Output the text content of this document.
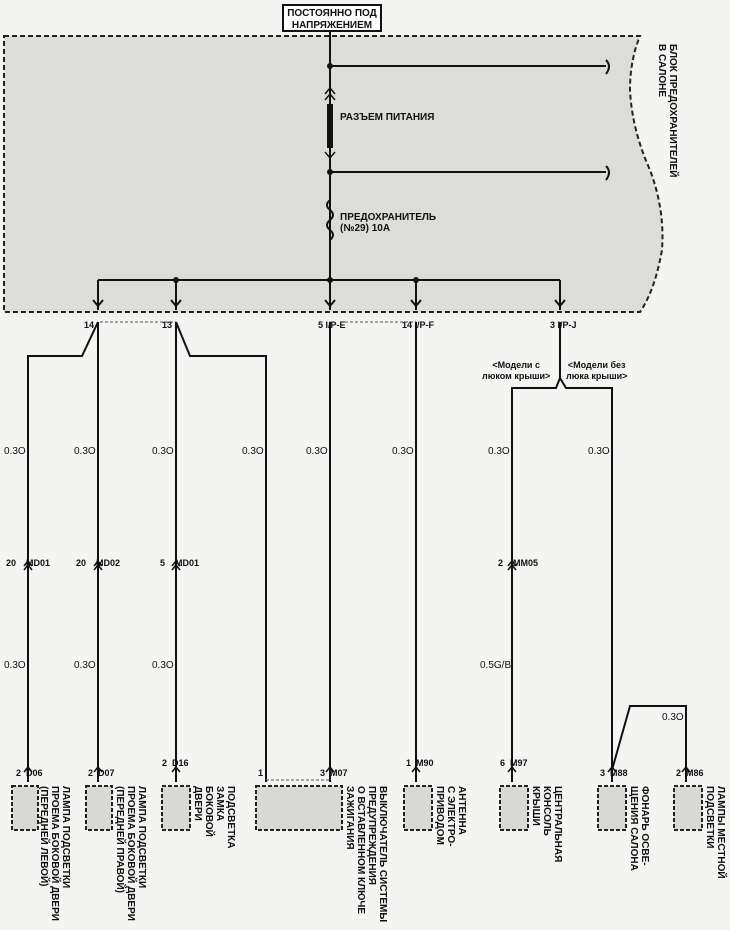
ПОСТОЯННО ПОД
НАПРЯЖЕНИЕМ
БЛОК ПРЕДОХРАНИТЕЛЕЙ
В САЛОНЕ
РАЗЪЕМ ПИТАНИЯ
ПРЕДОХРАНИТЕЛЬ
(№29) 10А
14	13	5 I/P-E	14 I/P-F	3 I/P-J
<Модели с
люком крыши>
<Модели без
люка крыши>
0.3O	0.3O	0.3O	0.3O	0.3O	0.3O	0.3O	0.3O
20 MD01	20 MD02	5 MD01	2 MM05
0.3O	0.3O	0.3O	0.5G/B
0.3O
2 D06	2 D07
2 D16
1	3 M07
1 M90	6 M97
3 M88	2 M86
ЛАМПА ПОДСВЕТКИ
ПРОЕМА БОКОВОЙ ДВЕРИ
(ПЕРЕДНЕЙ ЛЕВОЙ)
ЛАМПА ПОДСВЕТКИ
ПРОЕМА БОКОВОЙ ДВЕРИ
(ПЕРЕДНЕЙ ПРАВОЙ)
ПОДСВЕТКА
ЗАМКА
БОКОВОЙ
ДВЕРИ	ВЫКЛЮЧАТЕЛЬ СИСТЕМЫ
ПРЕДУПРЕЖДЕНИЯ
О ВСТАВЛЕННОМ КЛЮЧЕ
ЗАЖИГАНИЯ	АНТЕННА
С ЭЛЕКТРО-
ПРИВОДОМ	ЦЕНТРАЛЬНАЯ
КОНСОЛЬ
КРЫШИ	ФОНАРЬ ОСВЕ-
ЩЕНИЯ САЛОНА
ЛАМПЫ МЕСТНОЙ
ПОДСВЕТКИ
